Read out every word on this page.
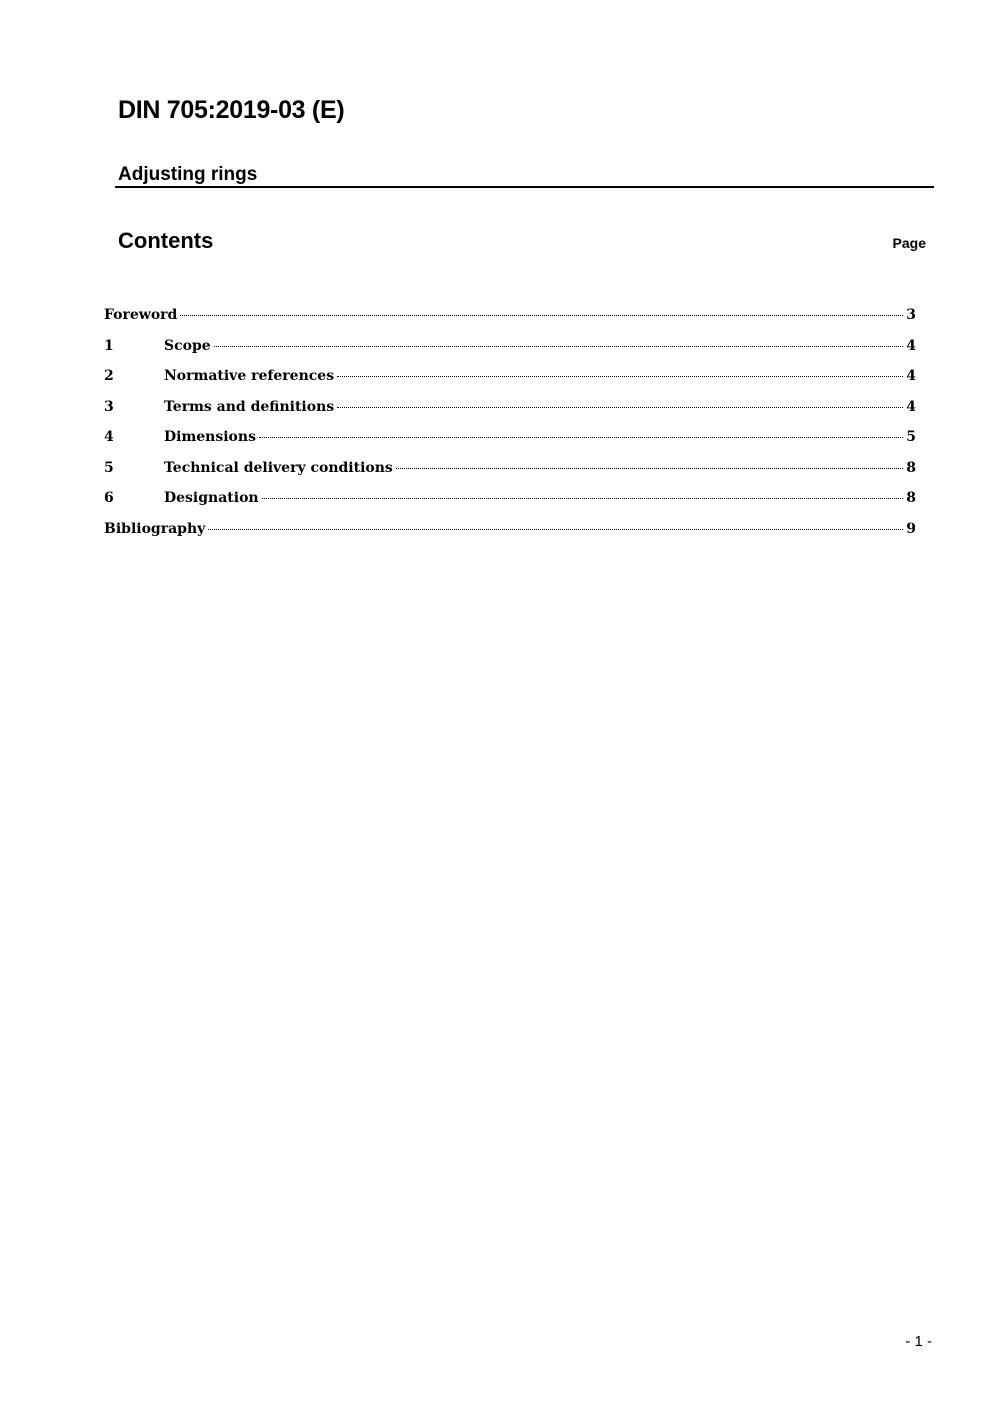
DIN 705:2019-03 (E)
Adjusting rings
Contents	Page
Foreword	3
1	Scope	4
2	Normative references	4
3	Terms and definitions	4
4	Dimensions	5
5	Technical delivery conditions	8
6	Designation	8
Bibliography	9
- 1 -
